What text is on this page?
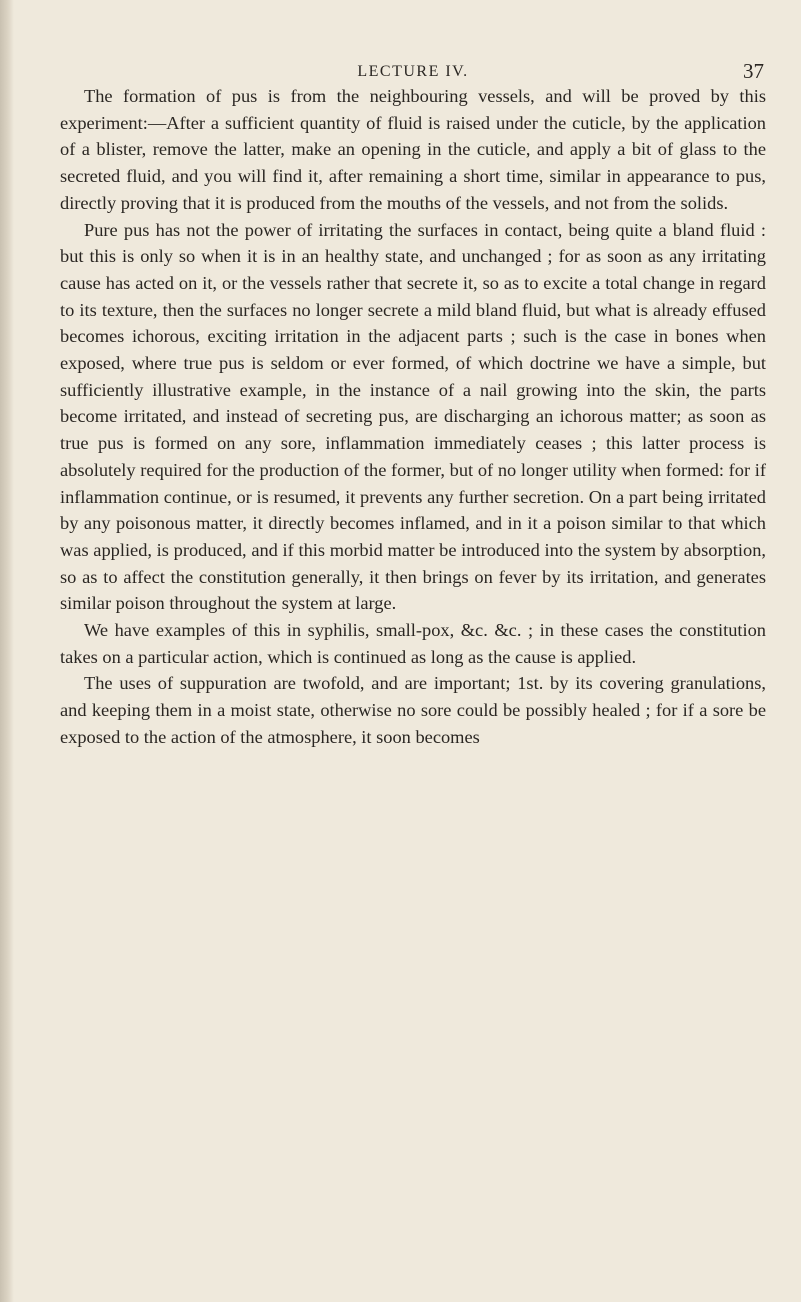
LECTURE IV.	37

The formation of pus is from the neighbouring vessels, and will be proved by this experiment:—After a sufficient quantity of fluid is raised under the cuticle, by the application of a blister, remove the latter, make an opening in the cuticle, and apply a bit of glass to the secreted fluid, and you will find it, after remaining a short time, similar in appearance to pus, directly proving that it is produced from the mouths of the vessels, and not from the solids.

Pure pus has not the power of irritating the surfaces in contact, being quite a bland fluid : but this is only so when it is in an healthy state, and unchanged ; for as soon as any irritating cause has acted on it, or the vessels rather that secrete it, so as to excite a total change in regard to its texture, then the surfaces no longer secrete a mild bland fluid, but what is already effused becomes ichorous, exciting irritation in the adjacent parts ; such is the case in bones when exposed, where true pus is seldom or ever formed, of which doctrine we have a simple, but sufficiently illustrative example, in the instance of a nail growing into the skin, the parts become irritated, and instead of secreting pus, are discharging an ichorous matter; as soon as true pus is formed on any sore, inflammation immediately ceases ; this latter process is absolutely required for the production of the former, but of no longer utility when formed: for if inflammation continue, or is resumed, it prevents any further secretion. On a part being irritated by any poisonous matter, it directly becomes inflamed, and in it a poison similar to that which was applied, is produced, and if this morbid matter be introduced into the system by absorption, so as to affect the constitution generally, it then brings on fever by its irritation, and generates similar poison throughout the system at large.

We have examples of this in syphilis, small-pox, &c. &c. ; in these cases the constitution takes on a particular action, which is continued as long as the cause is applied.

The uses of suppuration are twofold, and are important; 1st. by its covering granulations, and keeping them in a moist state, otherwise no sore could be possibly healed ; for if a sore be exposed to the action of the atmosphere, it soon becomes
